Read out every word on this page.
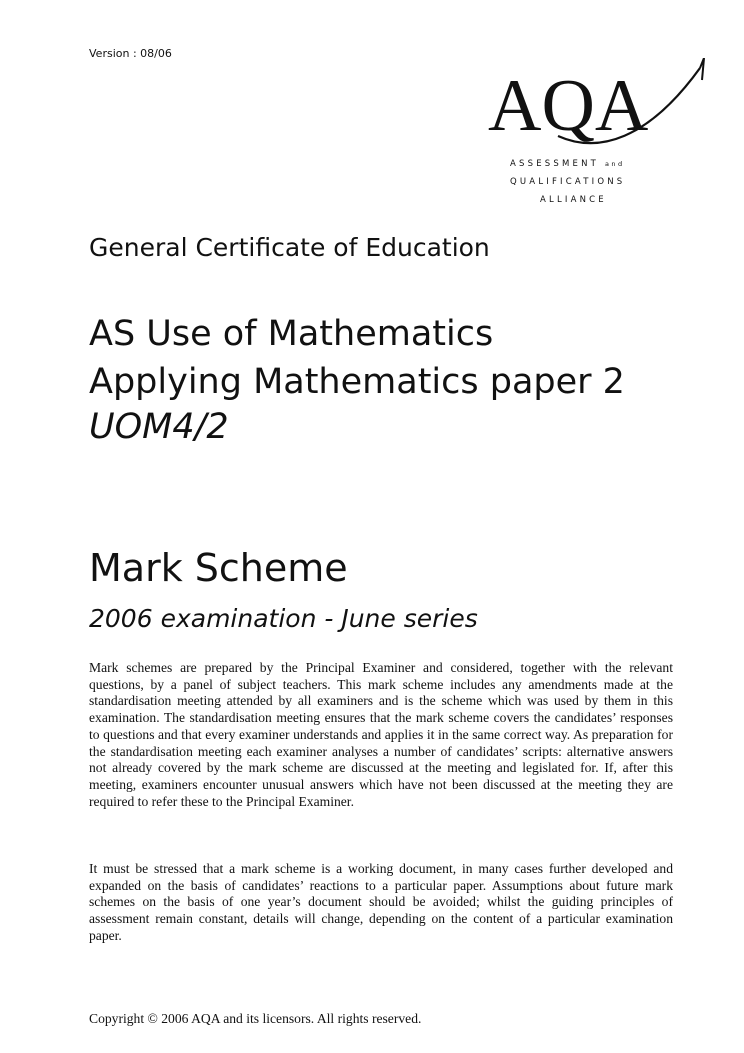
Version : 08/06
AQA
ASSESSMENT and
QUALIFICATIONS
ALLIANCE
General Certificate of Education
AS Use of Mathematics
Applying Mathematics paper 2
UOM4/2
Mark Scheme
2006 examination - June series

Mark schemes are prepared by the Principal Examiner and considered, together with the relevant questions, by a panel of subject teachers. This mark scheme includes any amendments made at the standardisation meeting attended by all examiners and is the scheme which was used by them in this examination. The standardisation meeting ensures that the mark scheme covers the candidates’ responses to questions and that every examiner understands and applies it in the same correct way. As preparation for the standardisation meeting each examiner analyses a number of candidates’ scripts: alternative answers not already covered by the mark scheme are discussed at the meeting and legislated for. If, after this meeting, examiners encounter unusual answers which have not been discussed at the meeting they are required to refer these to the Principal Examiner.

It must be stressed that a mark scheme is a working document, in many cases further developed and expanded on the basis of candidates’ reactions to a particular paper. Assumptions about future mark schemes on the basis of one year’s document should be avoided; whilst the guiding principles of assessment remain constant, details will change, depending on the content of a particular examination paper.

Copyright © 2006 AQA and its licensors. All rights reserved.
